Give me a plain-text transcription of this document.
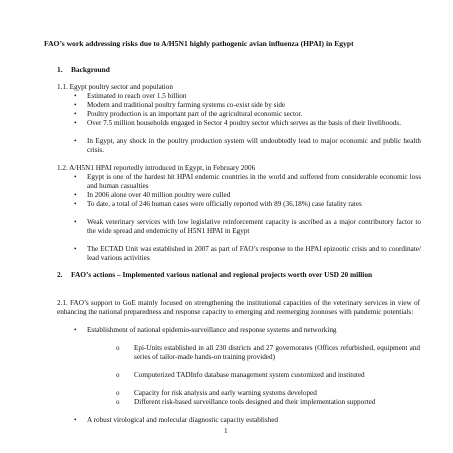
FAO’s work addressing risks due to A/H5N1 highly pathogenic avian influenza (HPAI) in Egypt
1. Background
1.1. Egypt poultry sector and population
• Estimated to reach over 1.5 billion
• Modern and traditional poultry farming systems co-exist side by side
• Poultry production is an important part of the agricultural economic sector.
• Over 7.5 million households engaged in Sector 4 poultry sector which serves as the basis of their livelihoods.
• In Egypt, any shock in the poultry production system will undoubtedly lead to major economic and public health crisis.
1.2. A/H5N1 HPAI reportedly introduced in Egypt, in February 2006
• Egypt is one of the hardest hit HPAI endemic countries in the world and suffered from considerable economic loss and human casualties
• In 2006 alone over 40 million poultry were culled
• To date, a total of 246 human cases were officially reported with 89 (36.18%) case fatality rates
• Weak veterinary services with low legislative reinforcement capacity is ascribed as a major contributory factor to the wide spread and endemicity of H5N1 HPAI in Egypt
• The ECTAD Unit was established in 2007 as part of FAO’s response to the HPAI epizootic crisis and to coordinate/ lead various activities
2. FAO’s actions – Implemented various national and regional projects worth over USD 20 million
2.1. FAO’s support to GoE mainly focused on strengthening the institutional capacities of the veterinary services in view of enhancing the national preparedness and response capacity to emerging and reemerging zoonoses with pandemic potentials:
• Establishment of national epidemio-surveillance and response systems and networking
o Epi-Units established in all 230 districts and 27 governorates (Offices refurbished, equipment and series of tailor-made hands-on training provided)
o Computerized TADInfo database management system customized and instituted
o Capacity for risk analysis and early warning systems developed
o Different risk-based surveillance tools designed and their implementation supported
• A robust virological and molecular diagnostic capacity established
1
